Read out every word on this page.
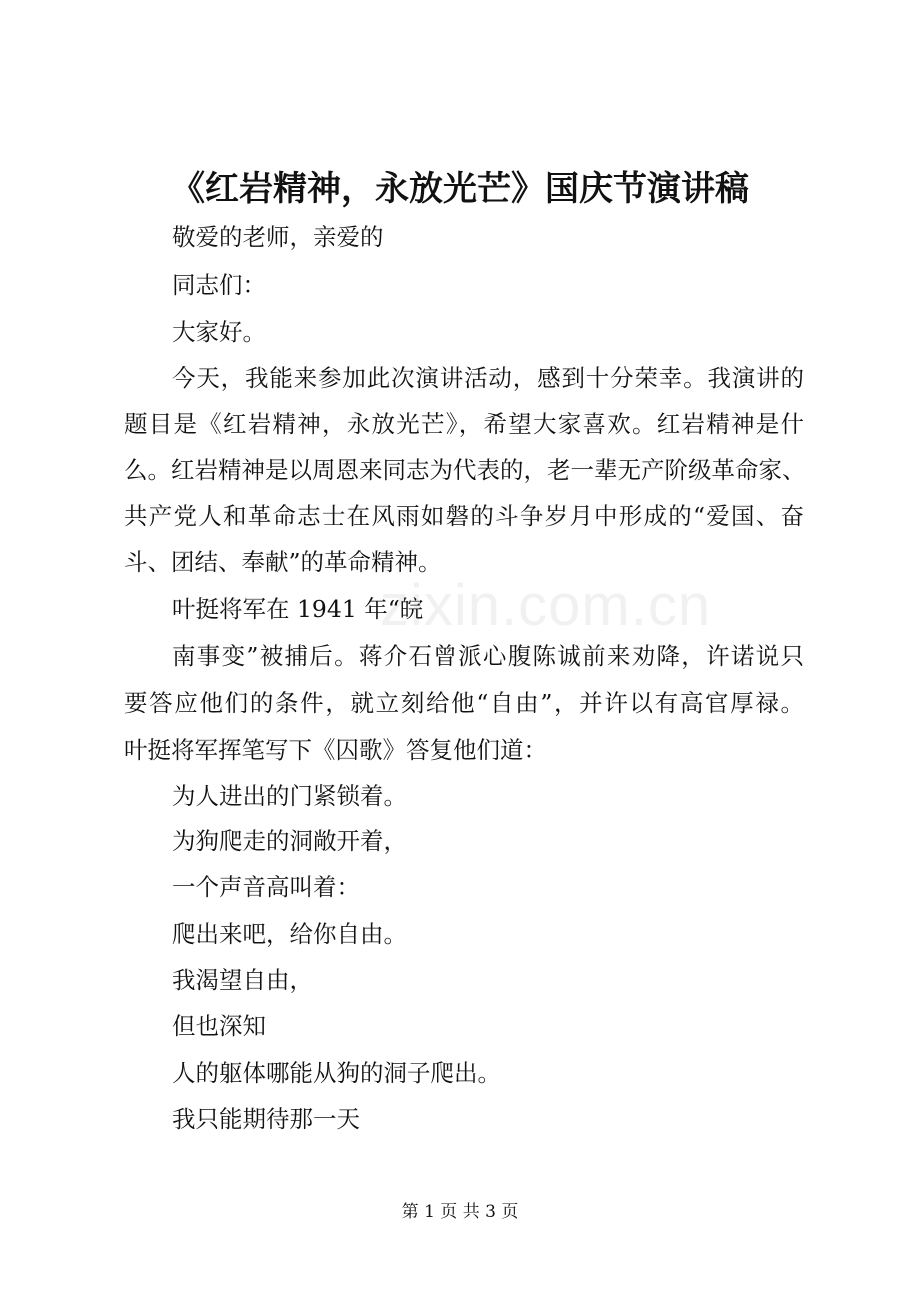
zixin.com.cn
《红岩精神，永放光芒》国庆节演讲稿

敬爱的老师，亲爱的

同志们：

大家好。

今天，我能来参加此次演讲活动，感到十分荣幸。我演讲的

题目是《红岩精神，永放光芒》，希望大家喜欢。红岩精神是什

么。红岩精神是以周恩来同志为代表的，老一辈无产阶级革命家、

共产党人和革命志士在风雨如磐的斗争岁月中形成的“爱国、奋

斗、团结、奉献”的革命精神。

叶挺将军在 1941 年“皖

南事变”被捕后。蒋介石曾派心腹陈诚前来劝降，许诺说只

要答应他们的条件，就立刻给他“自由”，并许以有高官厚禄。

叶挺将军挥笔写下《囚歌》答复他们道：

为人进出的门紧锁着。

为狗爬走的洞敞开着，

一个声音高叫着：

爬出来吧，给你自由。

我渴望自由，

但也深知

人的躯体哪能从狗的洞子爬出。

我只能期待那一天

第 1 页 共 3 页
